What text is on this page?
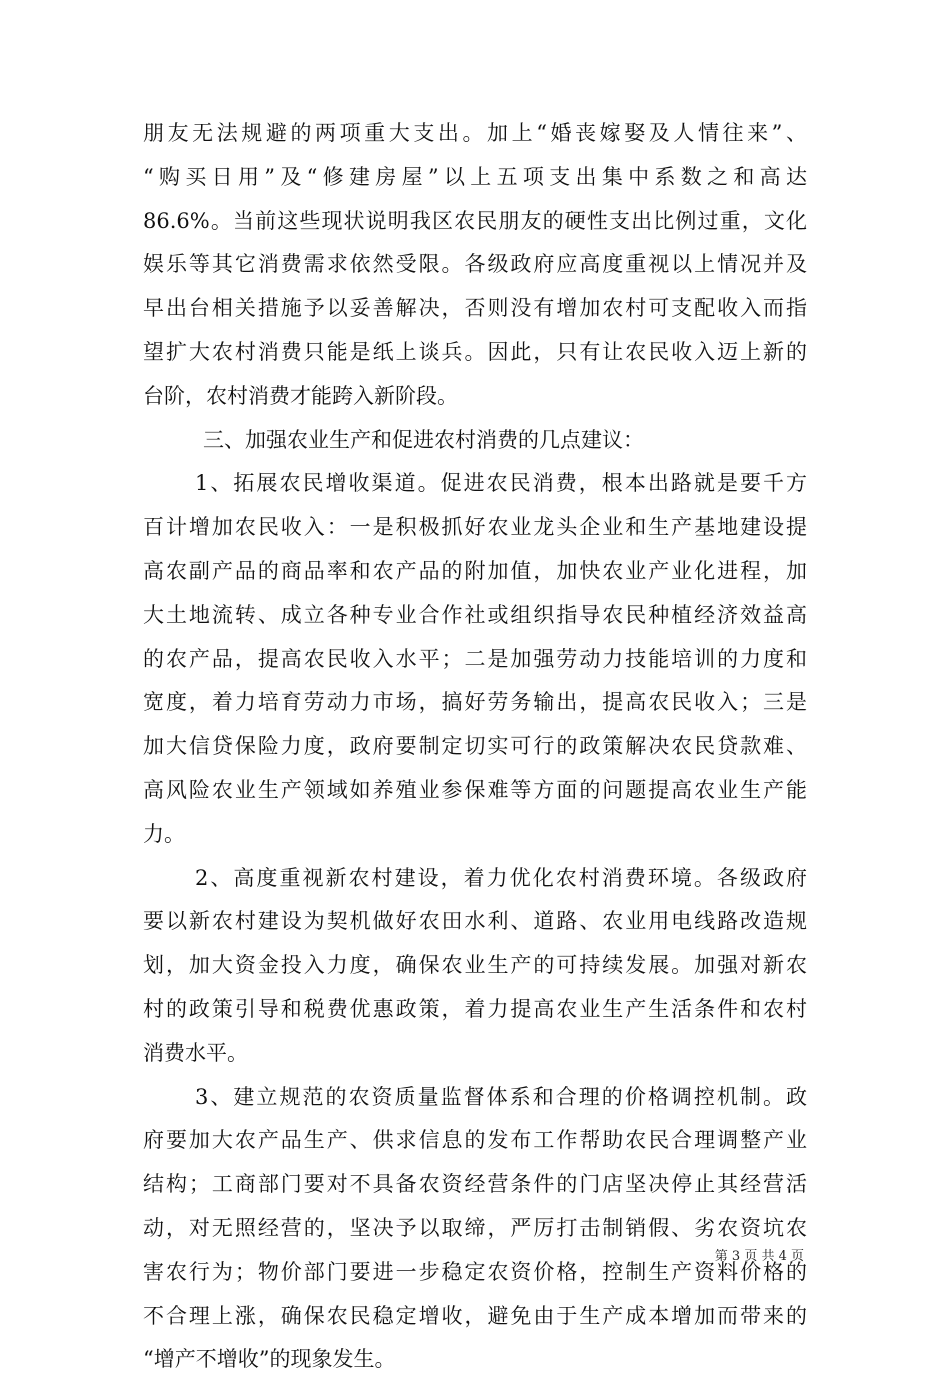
朋友无法规避的两项重大支出。加上“婚丧嫁娶及人情往来”、
“购买日用”及“修建房屋”以上五项支出集中系数之和高达
86.6%。当前这些现状说明我区农民朋友的硬性支出比例过重，文化
娱乐等其它消费需求依然受限。各级政府应高度重视以上情况并及
早出台相关措施予以妥善解决，否则没有增加农村可支配收入而指
望扩大农村消费只能是纸上谈兵。因此，只有让农民收入迈上新的
台阶，农村消费才能跨入新阶段。
三、加强农业生产和促进农村消费的几点建议：
1、拓展农民增收渠道。促进农民消费，根本出路就是要千方
百计增加农民收入：一是积极抓好农业龙头企业和生产基地建设提
高农副产品的商品率和农产品的附加值，加快农业产业化进程，加
大土地流转、成立各种专业合作社或组织指导农民种植经济效益高
的农产品，提高农民收入水平；二是加强劳动力技能培训的力度和
宽度，着力培育劳动力市场，搞好劳务输出，提高农民收入；三是
加大信贷保险力度，政府要制定切实可行的政策解决农民贷款难、
高风险农业生产领域如养殖业参保难等方面的问题提高农业生产能
力。
2、高度重视新农村建设，着力优化农村消费环境。各级政府
要以新农村建设为契机做好农田水利、道路、农业用电线路改造规
划，加大资金投入力度，确保农业生产的可持续发展。加强对新农
村的政策引导和税费优惠政策，着力提高农业生产生活条件和农村
消费水平。
3、建立规范的农资质量监督体系和合理的价格调控机制。政
府要加大农产品生产、供求信息的发布工作帮助农民合理调整产业
结构；工商部门要对不具备农资经营条件的门店坚决停止其经营活
动，对无照经营的，坚决予以取缔，严厉打击制销假、劣农资坑农
害农行为；物价部门要进一步稳定农资价格，控制生产资料价格的
不合理上涨，确保农民稳定增收，避免由于生产成本增加而带来的
“增产不增收”的现象发生。
第 3 页 共 4 页
